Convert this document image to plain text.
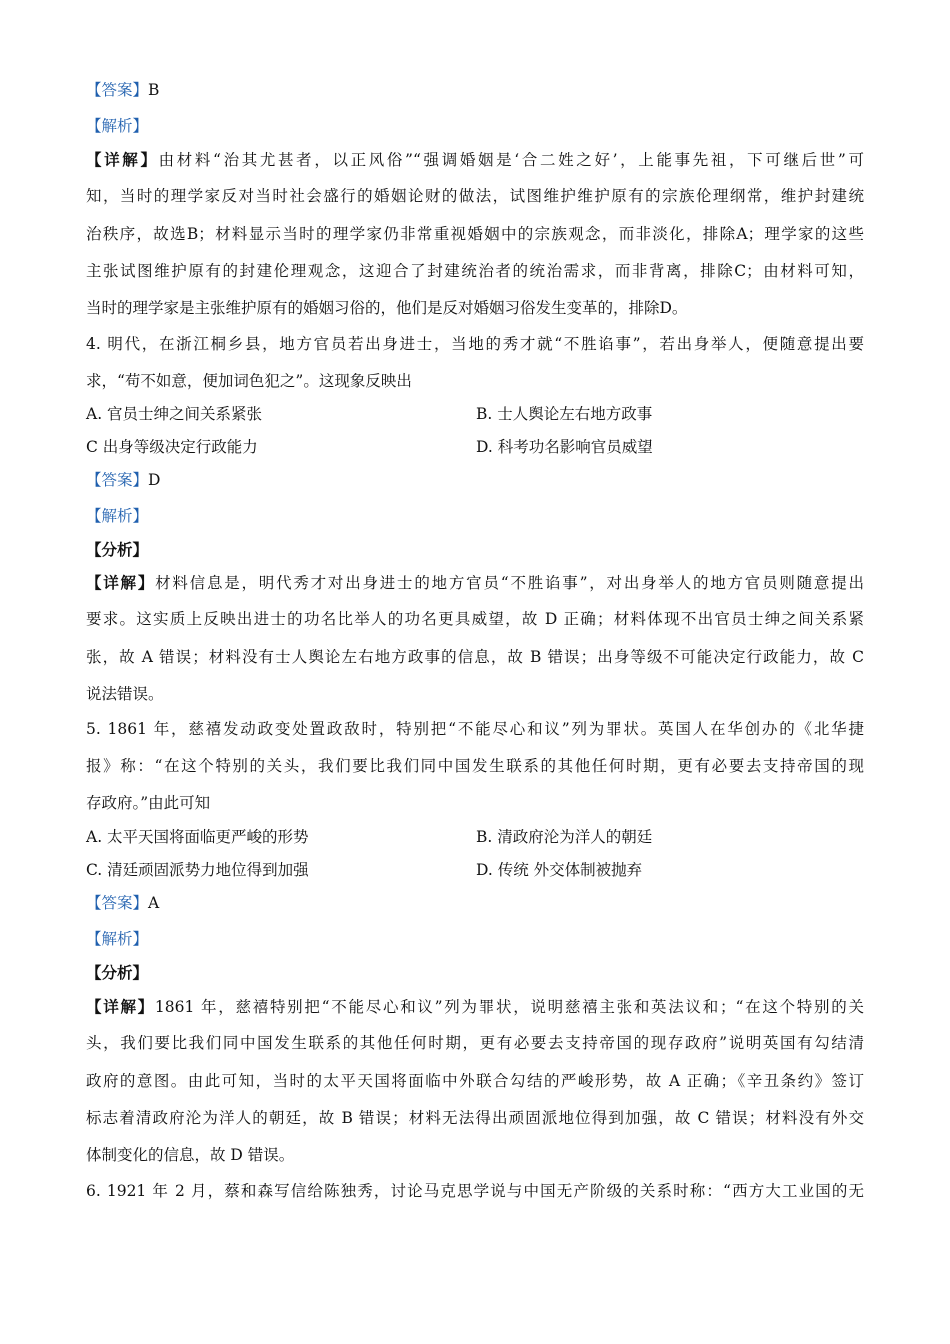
【答案】B
【解析】
【详解】由材料“治其尤甚者，以正风俗”“强调婚姻是‘合二姓之好’，上能事先祖，下可继后世”可
知，当时的理学家反对当时社会盛行的婚姻论财的做法，试图维护维护原有的宗族伦理纲常，维护封建统
治秩序，故选B；材料显示当时的理学家仍非常重视婚姻中的宗族观念，而非淡化，排除A；理学家的这些
主张试图维护原有的封建伦理观念，这迎合了封建统治者的统治需求，而非背离，排除C；由材料可知，
当时的理学家是主张维护原有的婚姻习俗的，他们是反对婚姻习俗发生变革的，排除D。
4. 明代，在浙江桐乡县，地方官员若出身进士，当地的秀才就“不胜谄事”，若出身举人，便随意提出要
求，“苟不如意，便加词色犯之”。这现象反映出
A. 官员士绅之间关系紧张	B. 士人舆论左右地方政事
C 出身等级决定行政能力	D. 科考功名影响官员威望
【答案】D
【解析】
【分析】
【详解】材料信息是，明代秀才对出身进士的地方官员“不胜谄事”，对出身举人的地方官员则随意提出
要求。这实质上反映出进士的功名比举人的功名更具威望，故 D 正确；材料体现不出官员士绅之间关系紧
张，故 A 错误；材料没有士人舆论左右地方政事的信息，故 B 错误；出身等级不可能决定行政能力，故 C
说法错误。
5. 1861 年，慈禧发动政变处置政敌时，特别把“不能尽心和议”列为罪状。英国人在华创办的《北华捷
报》称：“在这个特别的关头，我们要比我们同中国发生联系的其他任何时期，更有必要去支持帝国的现
存政府。”由此可知
A. 太平天国将面临更严峻的形势	B. 清政府沦为洋人的朝廷
C. 清廷顽固派势力地位得到加强	D. 传统 外交体制被抛弃
【答案】A
【解析】
【分析】
【详解】1861 年，慈禧特别把“不能尽心和议”列为罪状，说明慈禧主张和英法议和；“在这个特别的关
头，我们要比我们同中国发生联系的其他任何时期，更有必要去支持帝国的现存政府”说明英国有勾结清
政府的意图。由此可知，当时的太平天国将面临中外联合勾结的严峻形势，故 A 正确；《辛丑条约》签订
标志着清政府沦为洋人的朝廷，故 B 错误；材料无法得出顽固派地位得到加强，故 C 错误；材料没有外交
体制变化的信息，故 D 错误。
6. 1921 年 2 月，蔡和森写信给陈独秀，讨论马克思学说与中国无产阶级的关系时称：“西方大工业国的无
